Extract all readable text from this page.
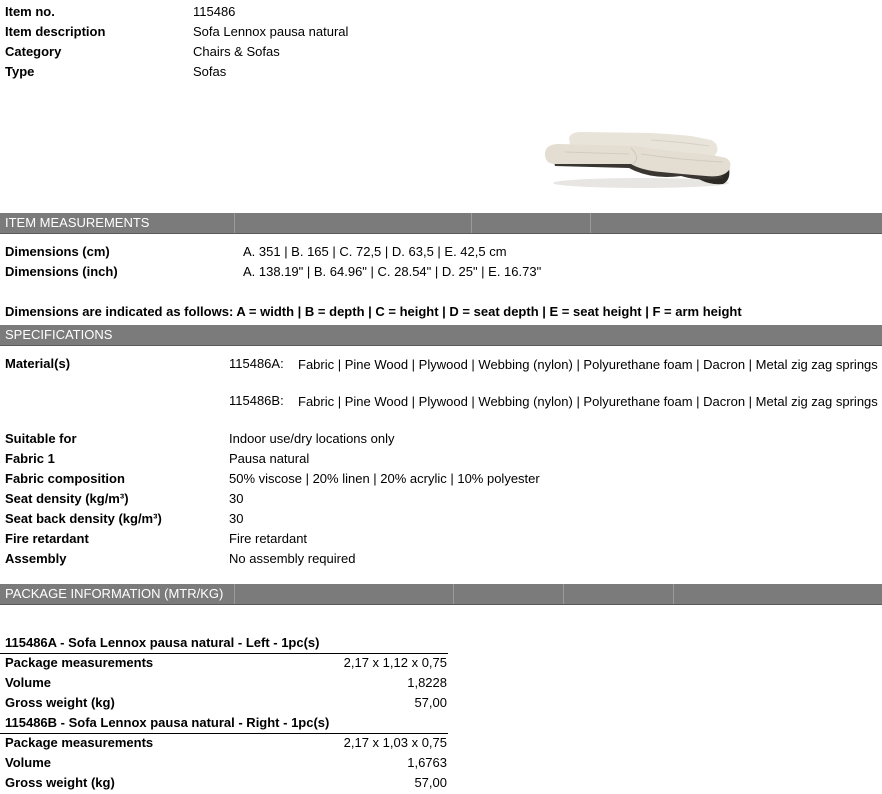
Item no.	115486
Item description	Sofa Lennox pausa natural
Category	Chairs & Sofas
Type	Sofas
ITEM MEASUREMENTS
Dimensions (cm)	A. 351 | B. 165 | C. 72,5 | D. 63,5 | E. 42,5 cm
Dimensions (inch)	A. 138.19" | B. 64.96" | C. 28.54" | D. 25" | E. 16.73"
Dimensions are indicated as follows: A = width | B = depth | C = height | D = seat depth | E = seat height | F = arm height
SPECIFICATIONS
Material(s)	115486A: Fabric | Pine Wood | Plywood | Webbing (nylon) | Polyurethane foam | Dacron | Metal zig zag springs
115486B: Fabric | Pine Wood | Plywood | Webbing (nylon) | Polyurethane foam | Dacron | Metal zig zag springs
Suitable for	Indoor use/dry locations only
Fabric 1	Pausa natural
Fabric composition	50% viscose | 20% linen | 20% acrylic | 10% polyester
Seat density (kg/m³)	30
Seat back density (kg/m³)	30
Fire retardant	Fire retardant
Assembly	No assembly required
PACKAGE INFORMATION (MTR/KG)
115486A - Sofa Lennox pausa natural - Left - 1pc(s)
Package measurements	2,17 x 1,12 x 0,75
Volume	1,8228
Gross weight (kg)	57,00
115486B - Sofa Lennox pausa natural - Right - 1pc(s)
Package measurements	2,17 x 1,03 x 0,75
Volume	1,6763
Gross weight (kg)	57,00
